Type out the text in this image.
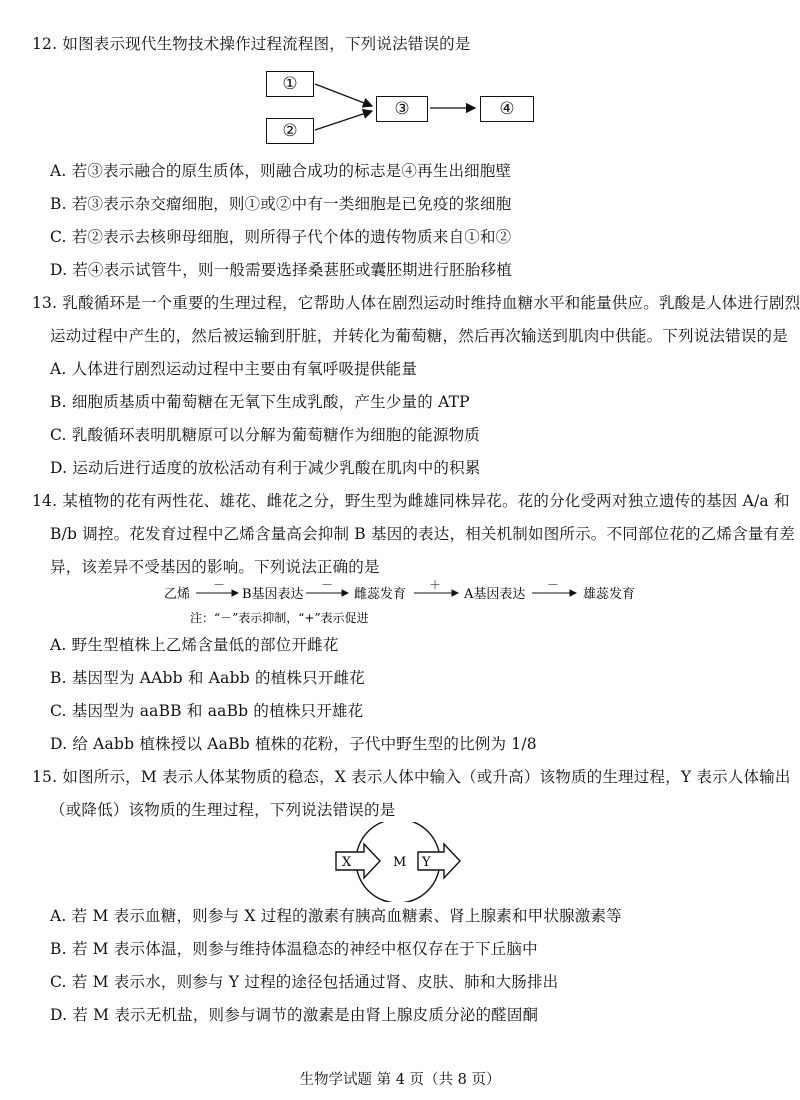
12. 如图表示现代生物技术操作过程流程图，下列说法错误的是
①
②
③	④
A. 若③表示融合的原生质体，则融合成功的标志是④再生出细胞壁
B. 若③表示杂交瘤细胞，则①或②中有一类细胞是已免疫的浆细胞
C. 若②表示去核卵母细胞，则所得子代个体的遗传物质来自①和②
D. 若④表示试管牛，则一般需要选择桑葚胚或囊胚期进行胚胎移植
13. 乳酸循环是一个重要的生理过程，它帮助人体在剧烈运动时维持血糖水平和能量供应。乳酸是人体进行剧烈
运动过程中产生的，然后被运输到肝脏，并转化为葡萄糖，然后再次输送到肌肉中供能。下列说法错误的是
A. 人体进行剧烈运动过程中主要由有氧呼吸提供能量
B. 细胞质基质中葡萄糖在无氧下生成乳酸，产生少量的 ATP
C. 乳酸循环表明肌糖原可以分解为葡萄糖作为细胞的能源物质
D. 运动后进行适度的放松活动有利于减少乳酸在肌肉中的积累
14. 某植物的花有两性花、雄花、雌花之分，野生型为雌雄同株异花。花的分化受两对独立遗传的基因 A/a 和
B/b 调控。花发育过程中乙烯含量高会抑制 B 基因的表达，相关机制如图所示。不同部位花的乙烯含量有差
异，该差异不受基因的影响。下列说法正确的是
乙烯
－
B基因表达
－
雌蕊发育
＋
A基因表达
－
雄蕊发育
注：“－”表示抑制，“+”表示促进
A. 野生型植株上乙烯含量低的部位开雌花
B. 基因型为 AAbb 和 Aabb 的植株只开雌花
C. 基因型为 aaBB 和 aaBb 的植株只开雄花
D. 给 Aabb 植株授以 AaBb 植株的花粉，子代中野生型的比例为 1/8
15. 如图所示，M 表示人体某物质的稳态，X 表示人体中输入（或升高）该物质的生理过程，Y 表示人体输出
（或降低）该物质的生理过程，下列说法错误的是
X	M Y
A. 若 M 表示血糖，则参与 X 过程的激素有胰高血糖素、肾上腺素和甲状腺激素等
B. 若 M 表示体温，则参与维持体温稳态的神经中枢仅存在于下丘脑中
C. 若 M 表示水，则参与 Y 过程的途径包括通过肾、皮肤、肺和大肠排出
D. 若 M 表示无机盐，则参与调节的激素是由肾上腺皮质分泌的醛固酮
生物学试题 第 4 页（共 8 页）
